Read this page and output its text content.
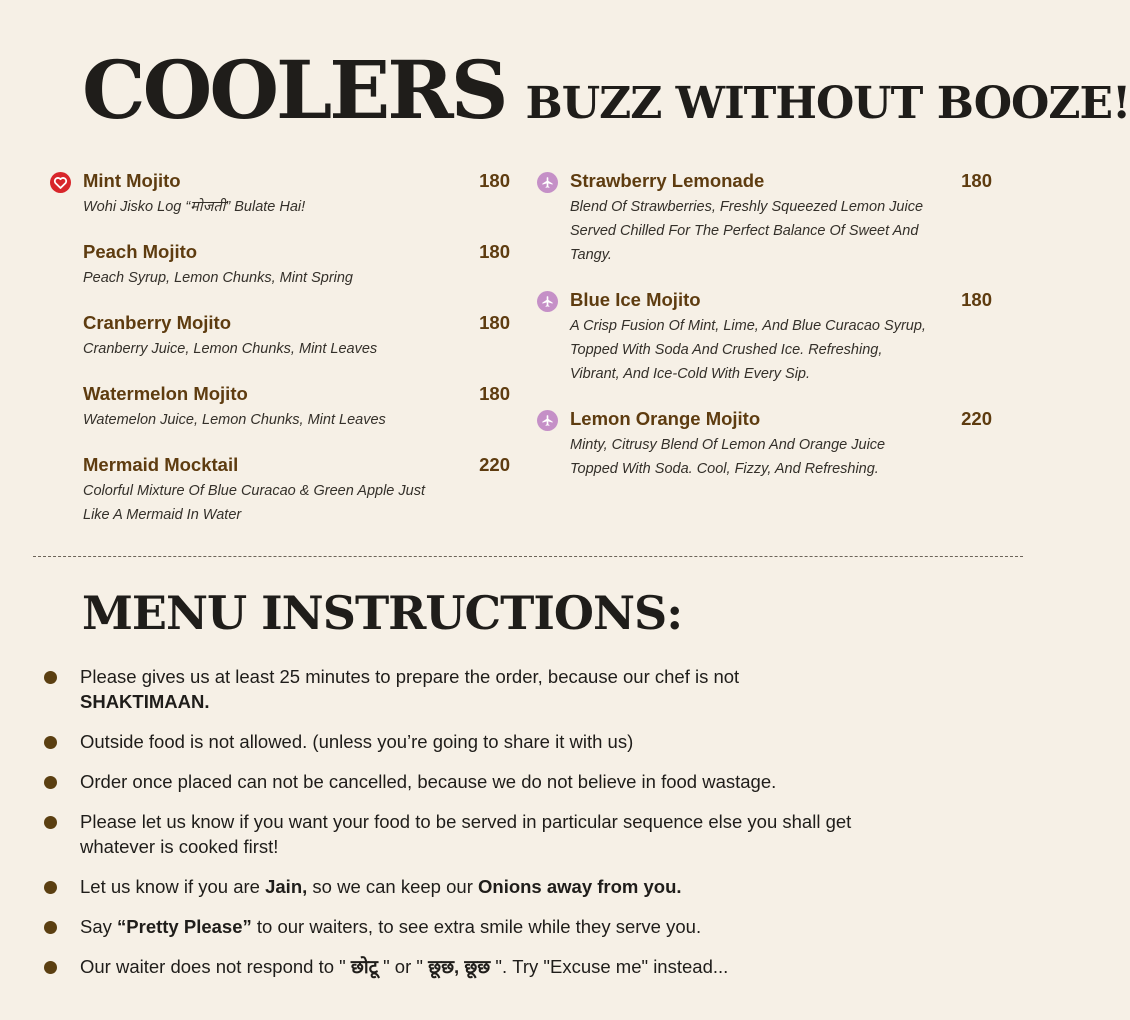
COOLERS BUZZ WITHOUT BOOZE!
Mint Mojito	180
Wohi Jisko Log “मोजती” Bulate Hai!
Peach Mojito	180
Peach Syrup, Lemon Chunks, Mint Spring
Cranberry Mojito	180
Cranberry Juice, Lemon Chunks, Mint Leaves
Watermelon Mojito	180
Watemelon Juice, Lemon Chunks, Mint Leaves
Mermaid Mocktail	220
Colorful Mixture Of Blue Curacao & Green Apple Just Like A Mermaid In Water
Strawberry Lemonade	180
Blend Of Strawberries, Freshly Squeezed Lemon Juice Served Chilled For The Perfect Balance Of Sweet And Tangy.
Blue Ice Mojito	180
A Crisp Fusion Of Mint, Lime, And Blue Curacao Syrup, Topped With Soda And Crushed Ice. Refreshing, Vibrant, And Ice-Cold With Every Sip.
Lemon Orange Mojito	220
Minty, Citrusy Blend Of Lemon And Orange Juice Topped With Soda. Cool, Fizzy, And Refreshing.
MENU INSTRUCTIONS:
Please gives us at least 25 minutes to prepare the order, because our chef is not SHAKTIMAAN.
Outside food is not allowed. (unless you’re going to share it with us)
Order once placed can not be cancelled, because we do not believe in food wastage.
Please let us know if you want your food to be served in particular sequence else you shall get whatever is cooked first!
Let us know if you are Jain, so we can keep our Onions away from you.
Say “Pretty Please” to our waiters, to see extra smile while they serve you.
Our waiter does not respond to " छोटू " or " छूछ, छूछ ". Try "Excuse me" instead...
